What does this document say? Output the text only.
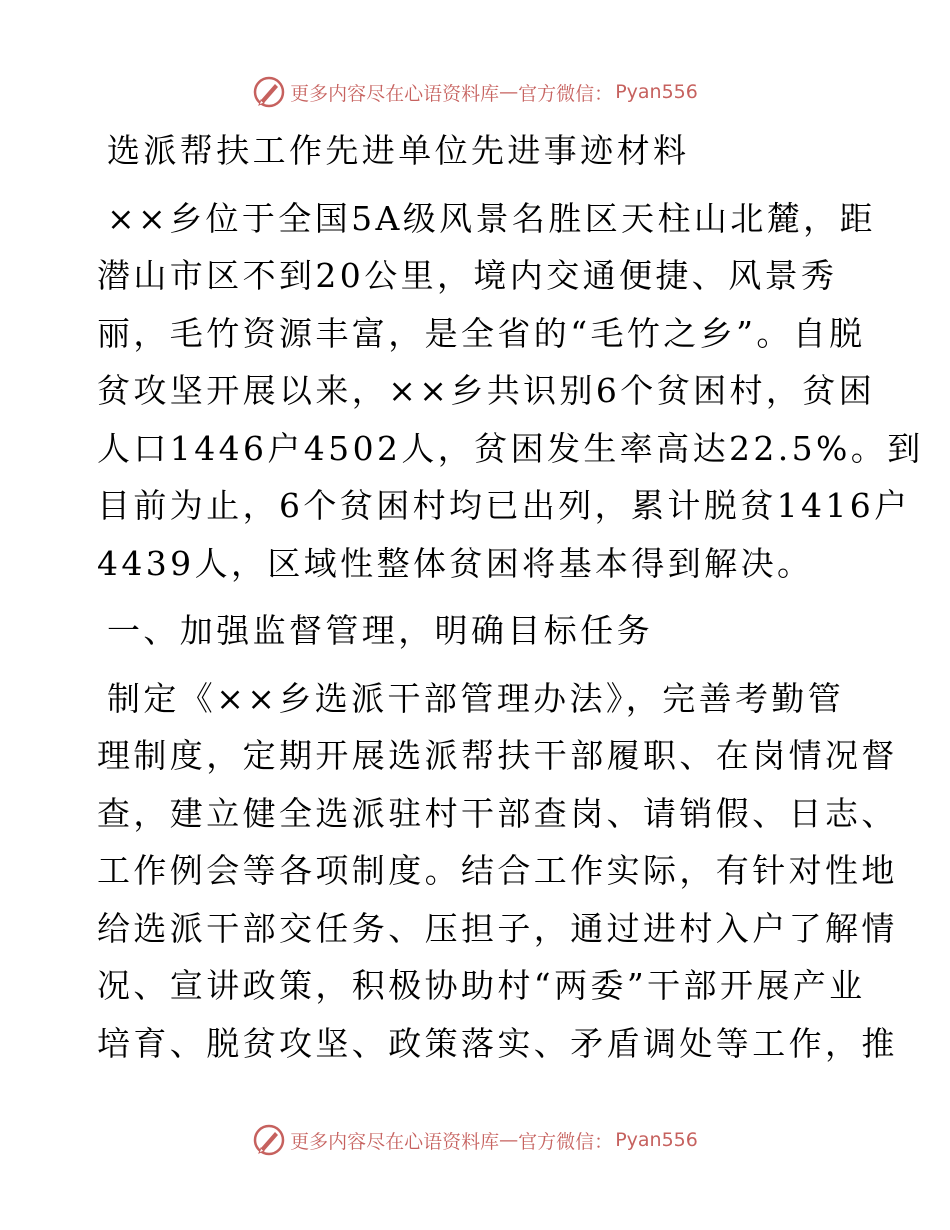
更多内容尽在心语资料库 — 官方微信： Pyan556
选派帮扶工作先进单位先进事迹材料
××乡位于全国5A级风景名胜区天柱山北麓，距
潜山市区不到20公里，境内交通便捷、风景秀
丽，毛竹资源丰富，是全省的“毛竹之乡”。自脱
贫攻坚开展以来，××乡共识别6个贫困村，贫困
人口1446户4502人，贫困发生率高达22.5%。到
目前为止，6个贫困村均已出列，累计脱贫1416户
4439人，区域性整体贫困将基本得到解决。
一、加强监督管理，明确目标任务
制定《××乡选派干部管理办法》，完善考勤管
理制度，定期开展选派帮扶干部履职、在岗情况督
查，建立健全选派驻村干部查岗、请销假、日志、
工作例会等各项制度。结合工作实际，有针对性地
给选派干部交任务、压担子，通过进村入户了解情
况、宣讲政策，积极协助村“两委”干部开展产业
培育、脱贫攻坚、政策落实、矛盾调处等工作，推
更多内容尽在心语资料库 — 官方微信： Pyan556
